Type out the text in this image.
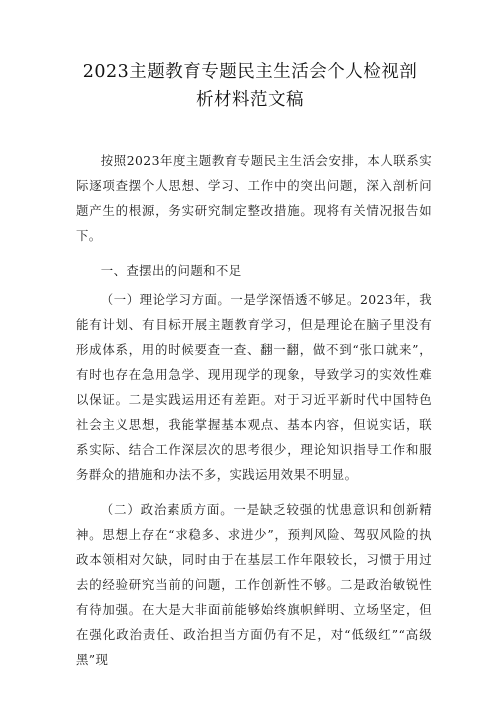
2023主题教育专题民主生活会个人检视剖
析材料范文稿

按照2023年度主题教育专题民主生活会安排，本人联系实际逐项查摆个人思想、学习、工作中的突出问题，深入剖析问题产生的根源，务实研究制定整改措施。现将有关情况报告如下。

一、查摆出的问题和不足

（一）理论学习方面。一是学深悟透不够足。2023年，我能有计划、有目标开展主题教育学习，但是理论在脑子里没有形成体系，用的时候要查一查、翻一翻，做不到“张口就来”，有时也存在急用急学、现用现学的现象，导致学习的实效性难以保证。二是实践运用还有差距。对于习近平新时代中国特色社会主义思想，我能掌握基本观点、基本内容，但说实话，联系实际、结合工作深层次的思考很少，理论知识指导工作和服务群众的措施和办法不多，实践运用效果不明显。

（二）政治素质方面。一是缺乏较强的忧患意识和创新精神。思想上存在“求稳多、求进少”，预判风险、驾驭风险的执政本领相对欠缺，同时由于在基层工作年限较长，习惯于用过去的经验研究当前的问题，工作创新性不够。二是政治敏锐性有待加强。在大是大非面前能够始终旗帜鲜明、立场坚定，但在强化政治责任、政治担当方面仍有不足，对“低级红”“高级黑”现
